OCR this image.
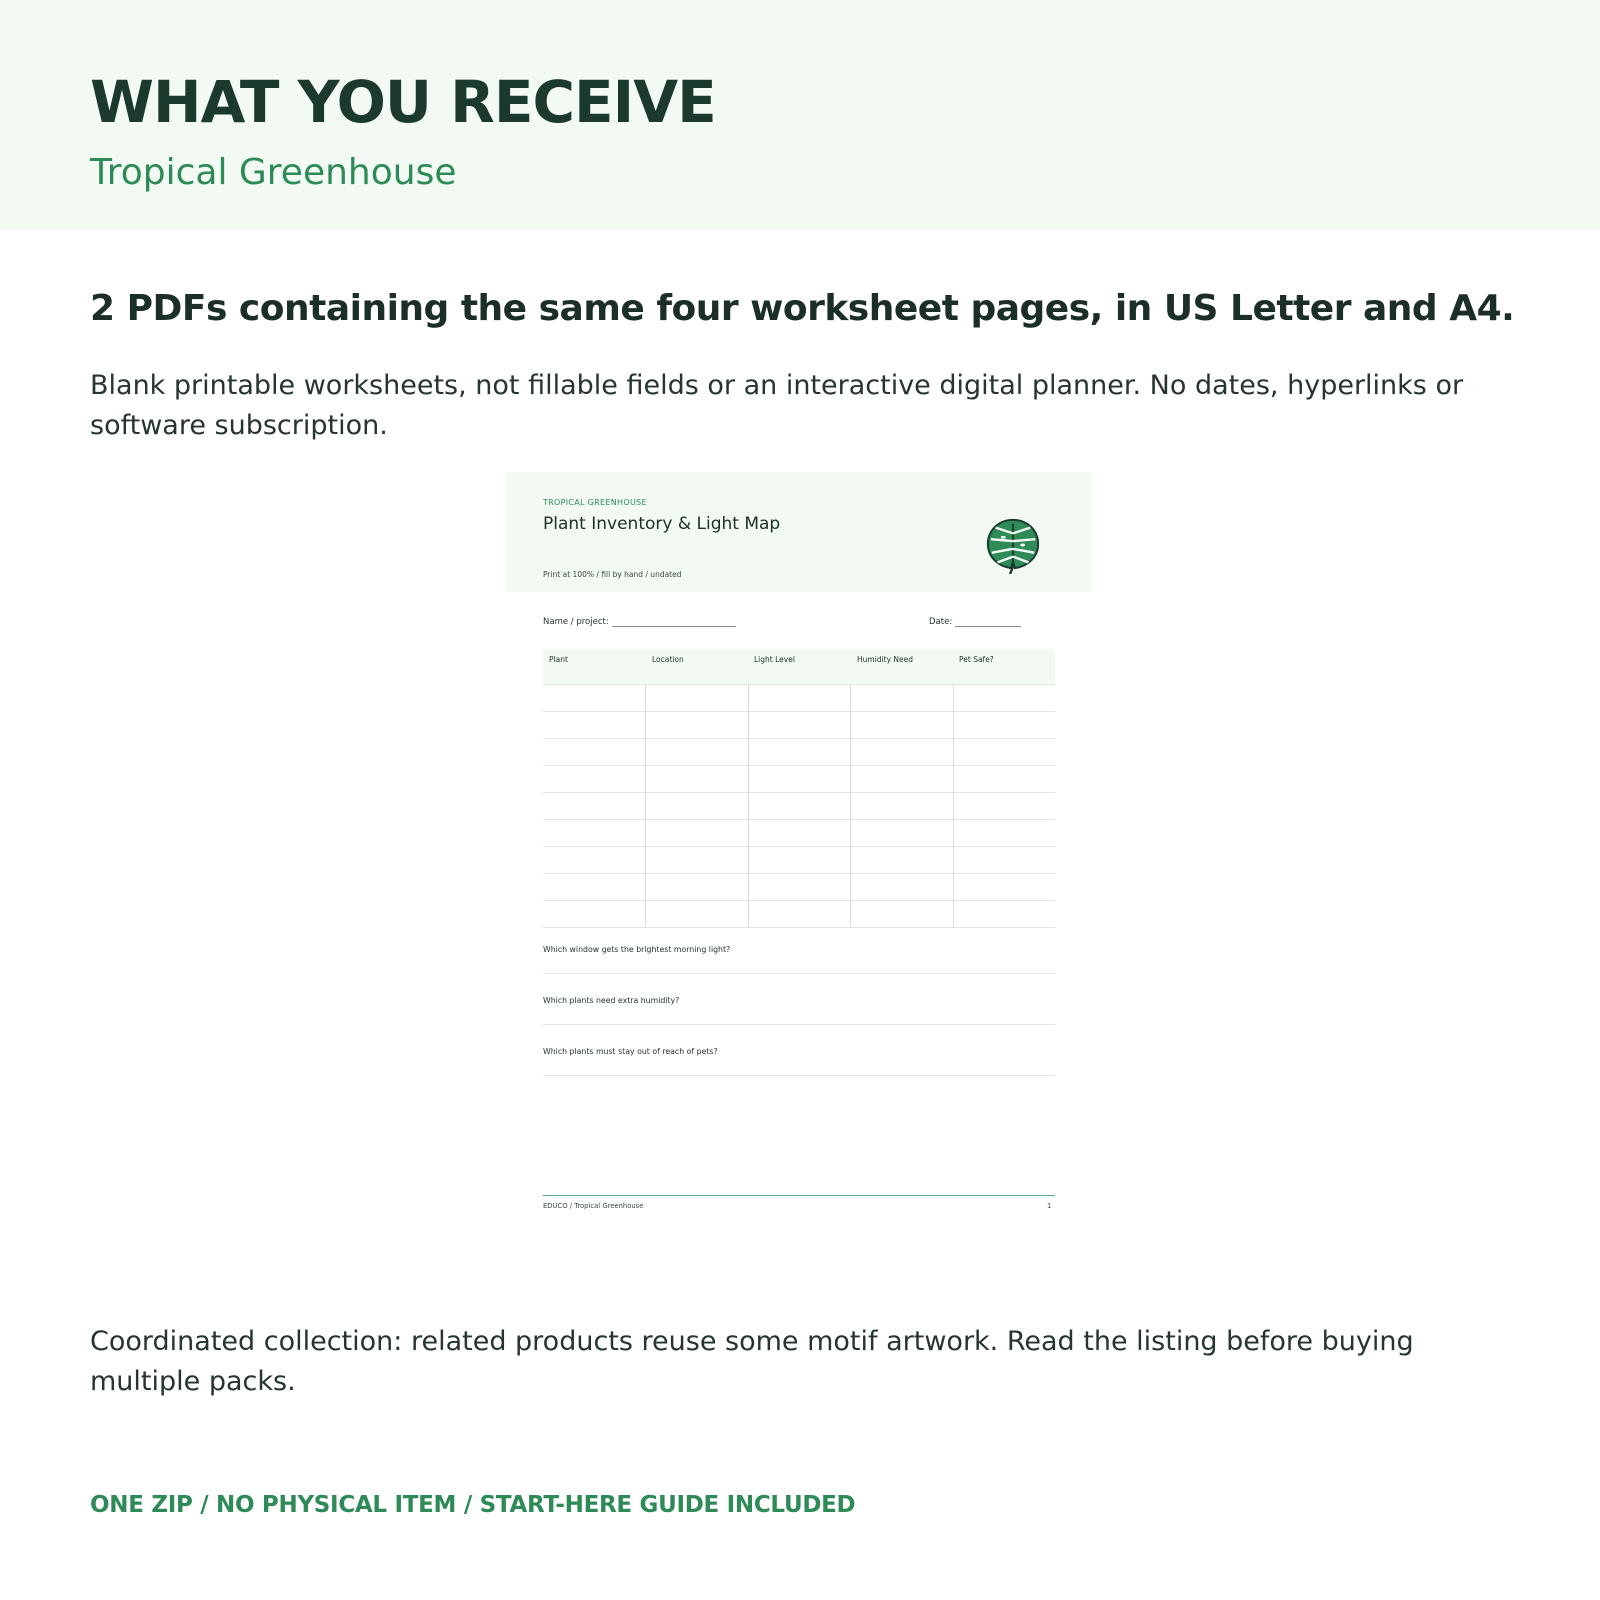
WHAT YOU RECEIVE
Tropical Greenhouse
2 PDFs containing the same four worksheet pages, in US Letter and A4.
Blank printable worksheets, not fillable fields or an interactive digital planner. No dates, hyperlinks or software subscription.
TROPICAL GREENHOUSE
Plant Inventory & Light Map
Print at 100% / fill by hand / undated
Name / project:	Date:
Plant	Location	Light Level	Humidity Need	Pet Safe?
Which window gets the brightest morning light?
Which plants need extra humidity?
Which plants must stay out of reach of pets?
EDUCO / Tropical Greenhouse	1
Coordinated collection: related products reuse some motif artwork. Read the listing before buying multiple packs.
ONE ZIP / NO PHYSICAL ITEM / START-HERE GUIDE INCLUDED
